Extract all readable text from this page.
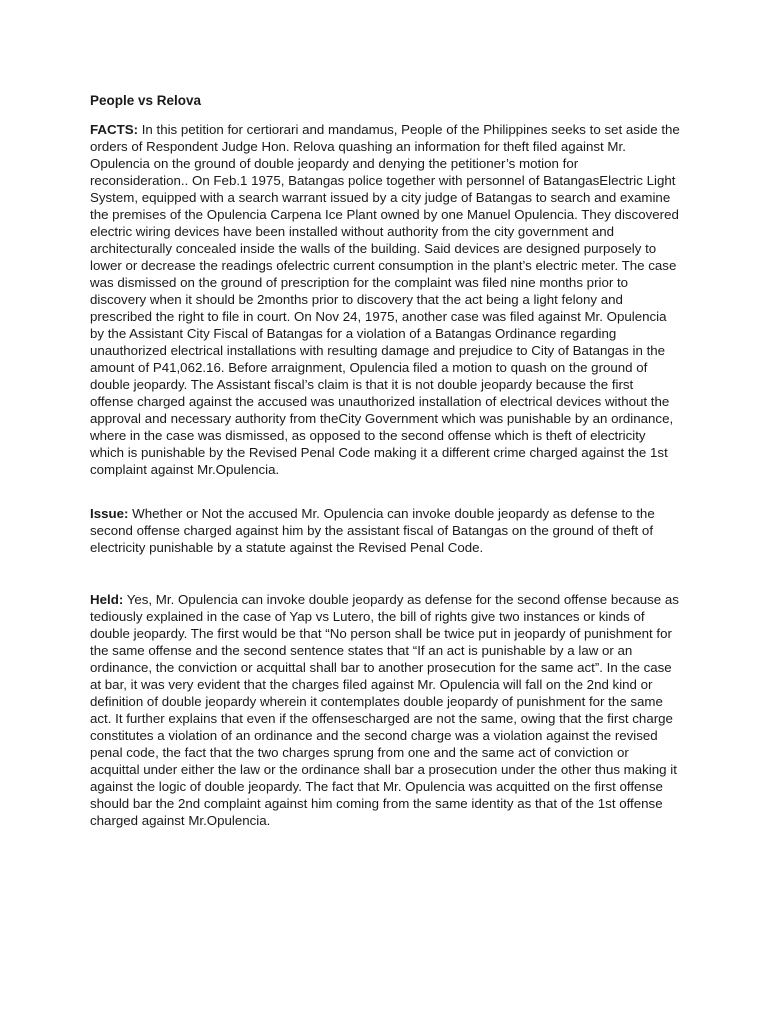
People vs Relova

FACTS: In this petition for certiorari and mandamus, People of the Philippines seeks to set aside the orders of Respondent Judge Hon. Relova quashing an information for theft filed against Mr. Opulencia on the ground of double jeopardy and denying the petitioner’s motion for reconsideration.. On Feb.1 1975, Batangas police together with personnel of BatangasElectric Light System, equipped with a search warrant issued by a city judge of Batangas to search and examine the premises of the Opulencia Carpena Ice Plant owned by one Manuel Opulencia. They discovered electric wiring devices have been installed without authority from the city government and architecturally concealed inside the walls of the building. Said devices are designed purposely to lower or decrease the readings ofelectric current consumption in the plant’s electric meter. The case was dismissed on the ground of prescription for the complaint was filed nine months prior to discovery when it should be 2months prior to discovery that the act being a light felony and prescribed the right to file in court. On Nov 24, 1975, another case was filed against Mr. Opulencia by the Assistant City Fiscal of Batangas for a violation of a Batangas Ordinance regarding unauthorized electrical installations with resulting damage and prejudice to City of Batangas in the amount of P41,062.16. Before arraignment, Opulencia filed a motion to quash on the ground of double jeopardy. The Assistant fiscal’s claim is that it is not double jeopardy because the first offense charged against the accused was unauthorized installation of electrical devices without the approval and necessary authority from theCity Government which was punishable by an ordinance, where in the case was dismissed, as opposed to the second offense which is theft of electricity which is punishable by the Revised Penal Code making it a different crime charged against the 1st complaint against Mr.Opulencia.

Issue: Whether or Not the accused Mr. Opulencia can invoke double jeopardy as defense to the second offense charged against him by the assistant fiscal of Batangas on the ground of theft of electricity punishable by a statute against the Revised Penal Code.

Held: Yes, Mr. Opulencia can invoke double jeopardy as defense for the second offense because as tediously explained in the case of Yap vs Lutero, the bill of rights give two instances or kinds of double jeopardy. The first would be that “No person shall be twice put in jeopardy of punishment for the same offense and the second sentence states that “If an act is punishable by a law or an ordinance, the conviction or acquittal shall bar to another prosecution for the same act”. In the case at bar, it was very evident that the charges filed against Mr. Opulencia will fall on the 2nd kind or definition of double jeopardy wherein it contemplates double jeopardy of punishment for the same act. It further explains that even if the offensescharged are not the same, owing that the first charge constitutes a violation of an ordinance and the second charge was a violation against the revised penal code, the fact that the two charges sprung from one and the same act of conviction or acquittal under either the law or the ordinance shall bar a prosecution under the other thus making it against the logic of double jeopardy. The fact that Mr. Opulencia was acquitted on the first offense should bar the 2nd complaint against him coming from the same identity as that of the 1st offense charged against Mr.Opulencia.
